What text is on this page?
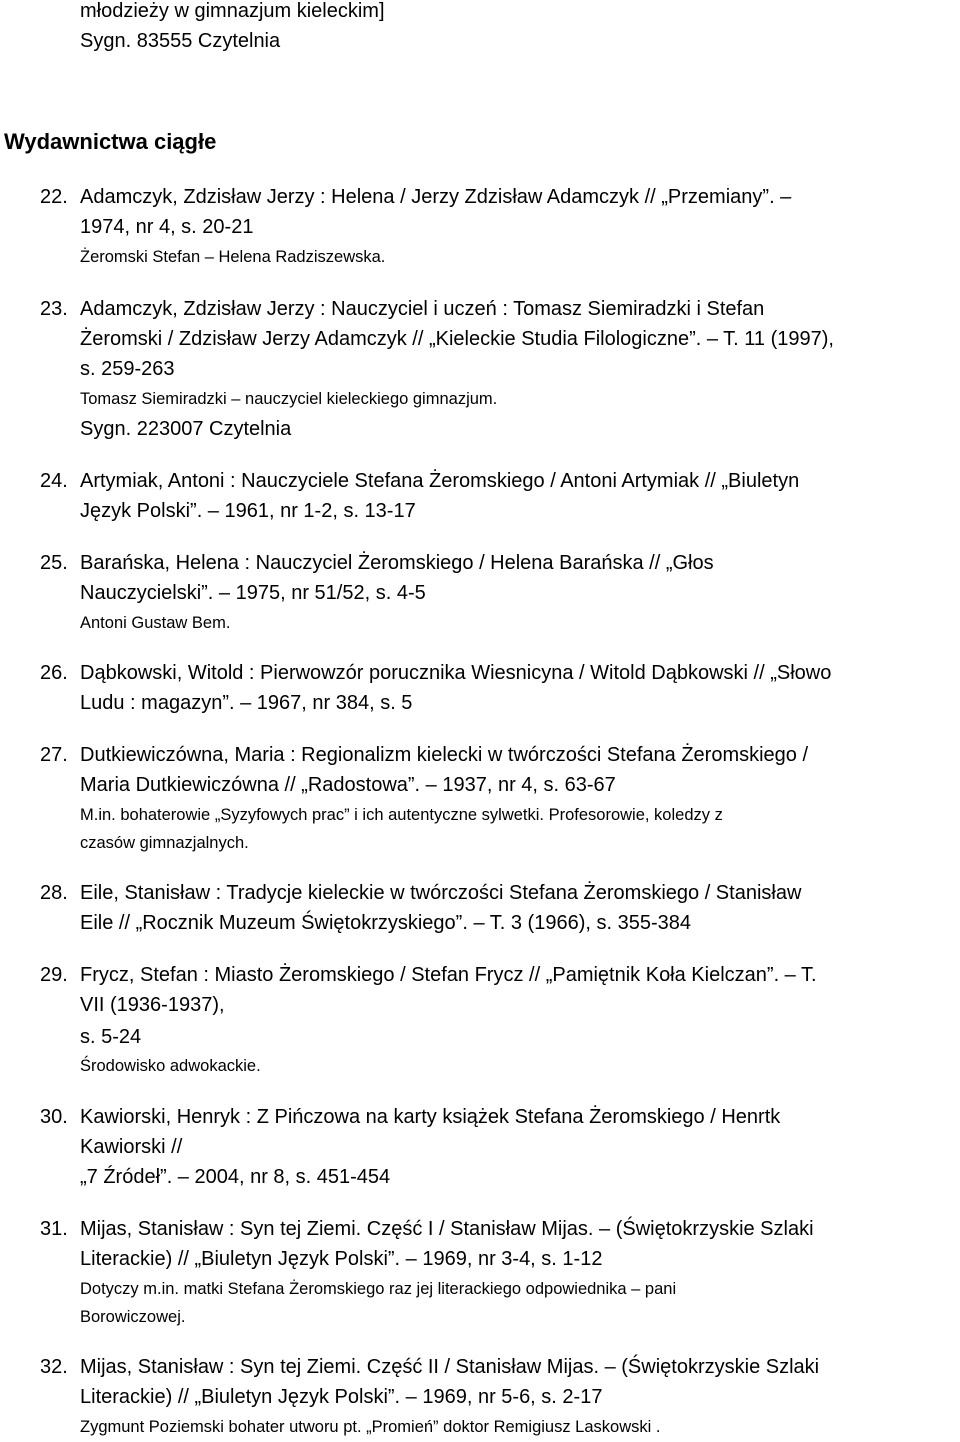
młodzieży w gimnazjum kieleckim]
Sygn. 83555 Czytelnia
Wydawnictwa ciągłe
22. Adamczyk, Zdzisław Jerzy : Helena / Jerzy Zdzisław Adamczyk // „Przemiany”. –
1974, nr 4, s. 20-21
Żeromski Stefan – Helena Radziszewska.
23. Adamczyk, Zdzisław Jerzy : Nauczyciel i uczeń : Tomasz Siemiradzki i Stefan
Żeromski / Zdzisław Jerzy Adamczyk // „Kieleckie Studia Filologiczne”. – T. 11 (1997),
s. 259-263
Tomasz Siemiradzki – nauczyciel kieleckiego gimnazjum.
Sygn. 223007 Czytelnia
24. Artymiak, Antoni : Nauczyciele Stefana Żeromskiego / Antoni Artymiak // „Biuletyn
Język Polski”. – 1961, nr 1-2, s. 13-17
25. Barańska, Helena : Nauczyciel Żeromskiego / Helena Barańska // „Głos
Nauczycielski”. – 1975, nr 51/52, s. 4-5
Antoni Gustaw Bem.
26. Dąbkowski, Witold : Pierwowzór porucznika Wiesnicyna / Witold Dąbkowski // „Słowo
Ludu : magazyn”. – 1967, nr 384, s. 5
27. Dutkiewiczówna, Maria : Regionalizm kielecki w twórczości Stefana Żeromskiego /
Maria Dutkiewiczówna // „Radostowa”. – 1937, nr 4, s. 63-67
M.in. bohaterowie „Syzyfowych prac” i ich autentyczne sylwetki. Profesorowie, koledzy z
czasów gimnazjalnych.
28. Eile, Stanisław : Tradycje kieleckie w twórczości Stefana Żeromskiego / Stanisław
Eile // „Rocznik Muzeum Świętokrzyskiego”. – T. 3 (1966), s. 355-384
29. Frycz, Stefan : Miasto Żeromskiego / Stefan Frycz // „Pamiętnik Koła Kielczan”. – T.
VII (1936-1937),
s. 5-24
Środowisko adwokackie.
30. Kawiorski, Henryk : Z Pińczowa na karty książek Stefana Żeromskiego / Henrtk
Kawiorski //
„7 Źródeł”. – 2004, nr 8, s. 451-454
31. Mijas, Stanisław : Syn tej Ziemi. Część I / Stanisław Mijas. – (Świętokrzyskie Szlaki
Literackie) // „Biuletyn Język Polski”. – 1969, nr 3-4, s. 1-12
Dotyczy m.in. matki Stefana Żeromskiego raz jej literackiego odpowiednika – pani
Borowiczowej.
32. Mijas, Stanisław : Syn tej Ziemi. Część II / Stanisław Mijas. – (Świętokrzyskie Szlaki
Literackie) // „Biuletyn Język Polski”. – 1969, nr 5-6, s. 2-17
Zygmunt Poziemski bohater utworu pt. „Promień” doktor Remigiusz Laskowski .
